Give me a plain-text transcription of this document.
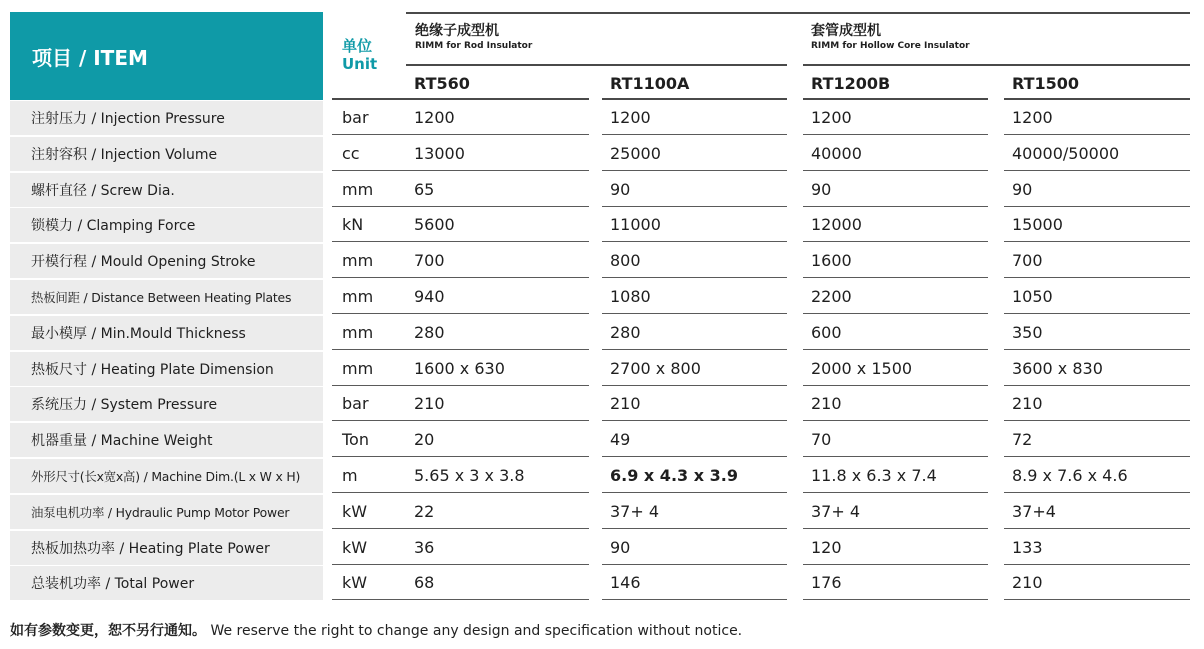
项目 / ITEM	单位
Unit
绝缘子成型机
RIMM for Rod Insulator
套管成型机
RIMM for Hollow Core Insulator
RT560	RT1100A	RT1200B	RT1500
注射压力 / Injection Pressure	bar	1200	1200	1200	1200
注射容积 / Injection Volume	cc	13000	25000	40000	40000/50000
螺杆直径 / Screw Dia.	mm	65	90	90	90
锁模力 / Clamping Force	kN	5600	11000	12000	15000
开模行程 / Mould Opening Stroke	mm	700	800	1600	700
热板间距 / Distance Between Heating Plates	mm	940	1080	2200	1050
最小模厚 / Min.Mould Thickness	mm	280	280	600	350
热板尺寸 / Heating Plate Dimension	mm	1600 x 630	2700 x 800	2000 x 1500	3600 x 830
系统压力 / System Pressure	bar	210	210	210	210
机器重量 / Machine Weight	Ton	20	49	70	72
外形尺寸(长x宽x高) / Machine Dim.(L x W x H)	m	5.65 x 3 x 3.8	6.9 x 4.3 x 3.9	11.8 x 6.3 x 7.4	8.9 x 7.6 x 4.6
油泵电机功率 / Hydraulic Pump Motor Power	kW	22	37+ 4	37+ 4	37+4
热板加热功率 / Heating Plate Power	kW	36	90	120	133
总装机功率 / Total Power	kW	68	146	176	210
如有参数变更，恕不另行通知。 We reserve the right to change any design and specification without notice.
